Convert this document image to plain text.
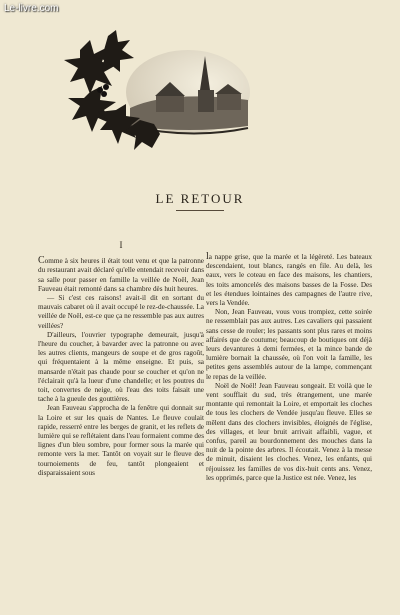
Le-livre.com
LE RETOUR
I

Comme à six heures il était tout venu et que la patronne du restaurant avait déclaré qu'elle entendait recevoir dans sa salle pour passer en famille la veillée de Noël, Jean Fauveau était remonté dans sa chambre dès huit heures.

— Si c'est ces raisons! avait-il dit en sortant du mauvais cabaret où il avait occupé le rez-de-chaussée. La veillée de Noël, est-ce que ça ne ressemble pas aux autres veillées?

D'ailleurs, l'ouvrier typographe demeurait, jusqu'à l'heure du coucher, à bavarder avec la patronne ou avec les autres clients, mangeurs de soupe et de gros ragoût, qui fréquentaient à la même enseigne. Et puis, sa mansarde n'était pas chaude pour se coucher et qu'on ne l'éclairait qu'à la lueur d'une chandelle; et les poutres du toit, convertes de neige, où l'eau des toits faisait une tache à la gueule des gouttières.

Jean Fauveau s'approcha de la fenêtre qui donnait sur la Loire et sur les quais de Nantes. Le fleuve coulait rapide, resserré entre les berges de granit, et les reflets de lumière qui se reflétaient dans l'eau formaient comme des lignes d'un bleu sombre, pour former sous la marée qui remonte vers la mer. Tantôt on voyait sur le fleuve des tournoiements de feu, tantôt plongeaient et disparaissaient sous

la nappe grise, que la marée et la légèreté. Les bateaux descendaient, tout blancs, rangés en file. Au delà, les eaux, vers le coteau en face des maisons, les chantiers, les toits amoncelés des maisons basses de la Fosse. Des et les étendues lointaines des campagnes de l'autre rive, vers la Vendée.

Non, Jean Fauveau, vous vous trompiez, cette soirée ne ressemblait pas aux autres. Les cavaliers qui passaient sans cesse de rouler; les passants sont plus rares et moins affairés que de coutume; beaucoup de boutiques ont déjà leurs devantures à demi fermées, et la mince bande de lumière bornait la chaussée, où l'on voit la famille, les petites gens assemblés autour de la lampe, commençant le repas de la veillée.

Noël de Noël! Jean Fauveau songeait. Et voilà que le vent soufflait du sud, très étrangement, une marée montante qui remontait la Loire, et emportait les cloches de tous les clochers de Vendée jusqu'au fleuve. Elles se mêlent dans des clochers invisibles, éloignés de l'église, des villages, et leur bruit arrivait affaibli, vague, et confus, pareil au bourdonnement des mouches dans la nuit de la pointe des arbres. Il écoutait. Venez à la messe de minuit, disaient les cloches. Venez, les enfants, qui réjouissez les familles de vos dix-huit cents ans. Venez, les opprimés, parce que la Justice est née. Venez, les
